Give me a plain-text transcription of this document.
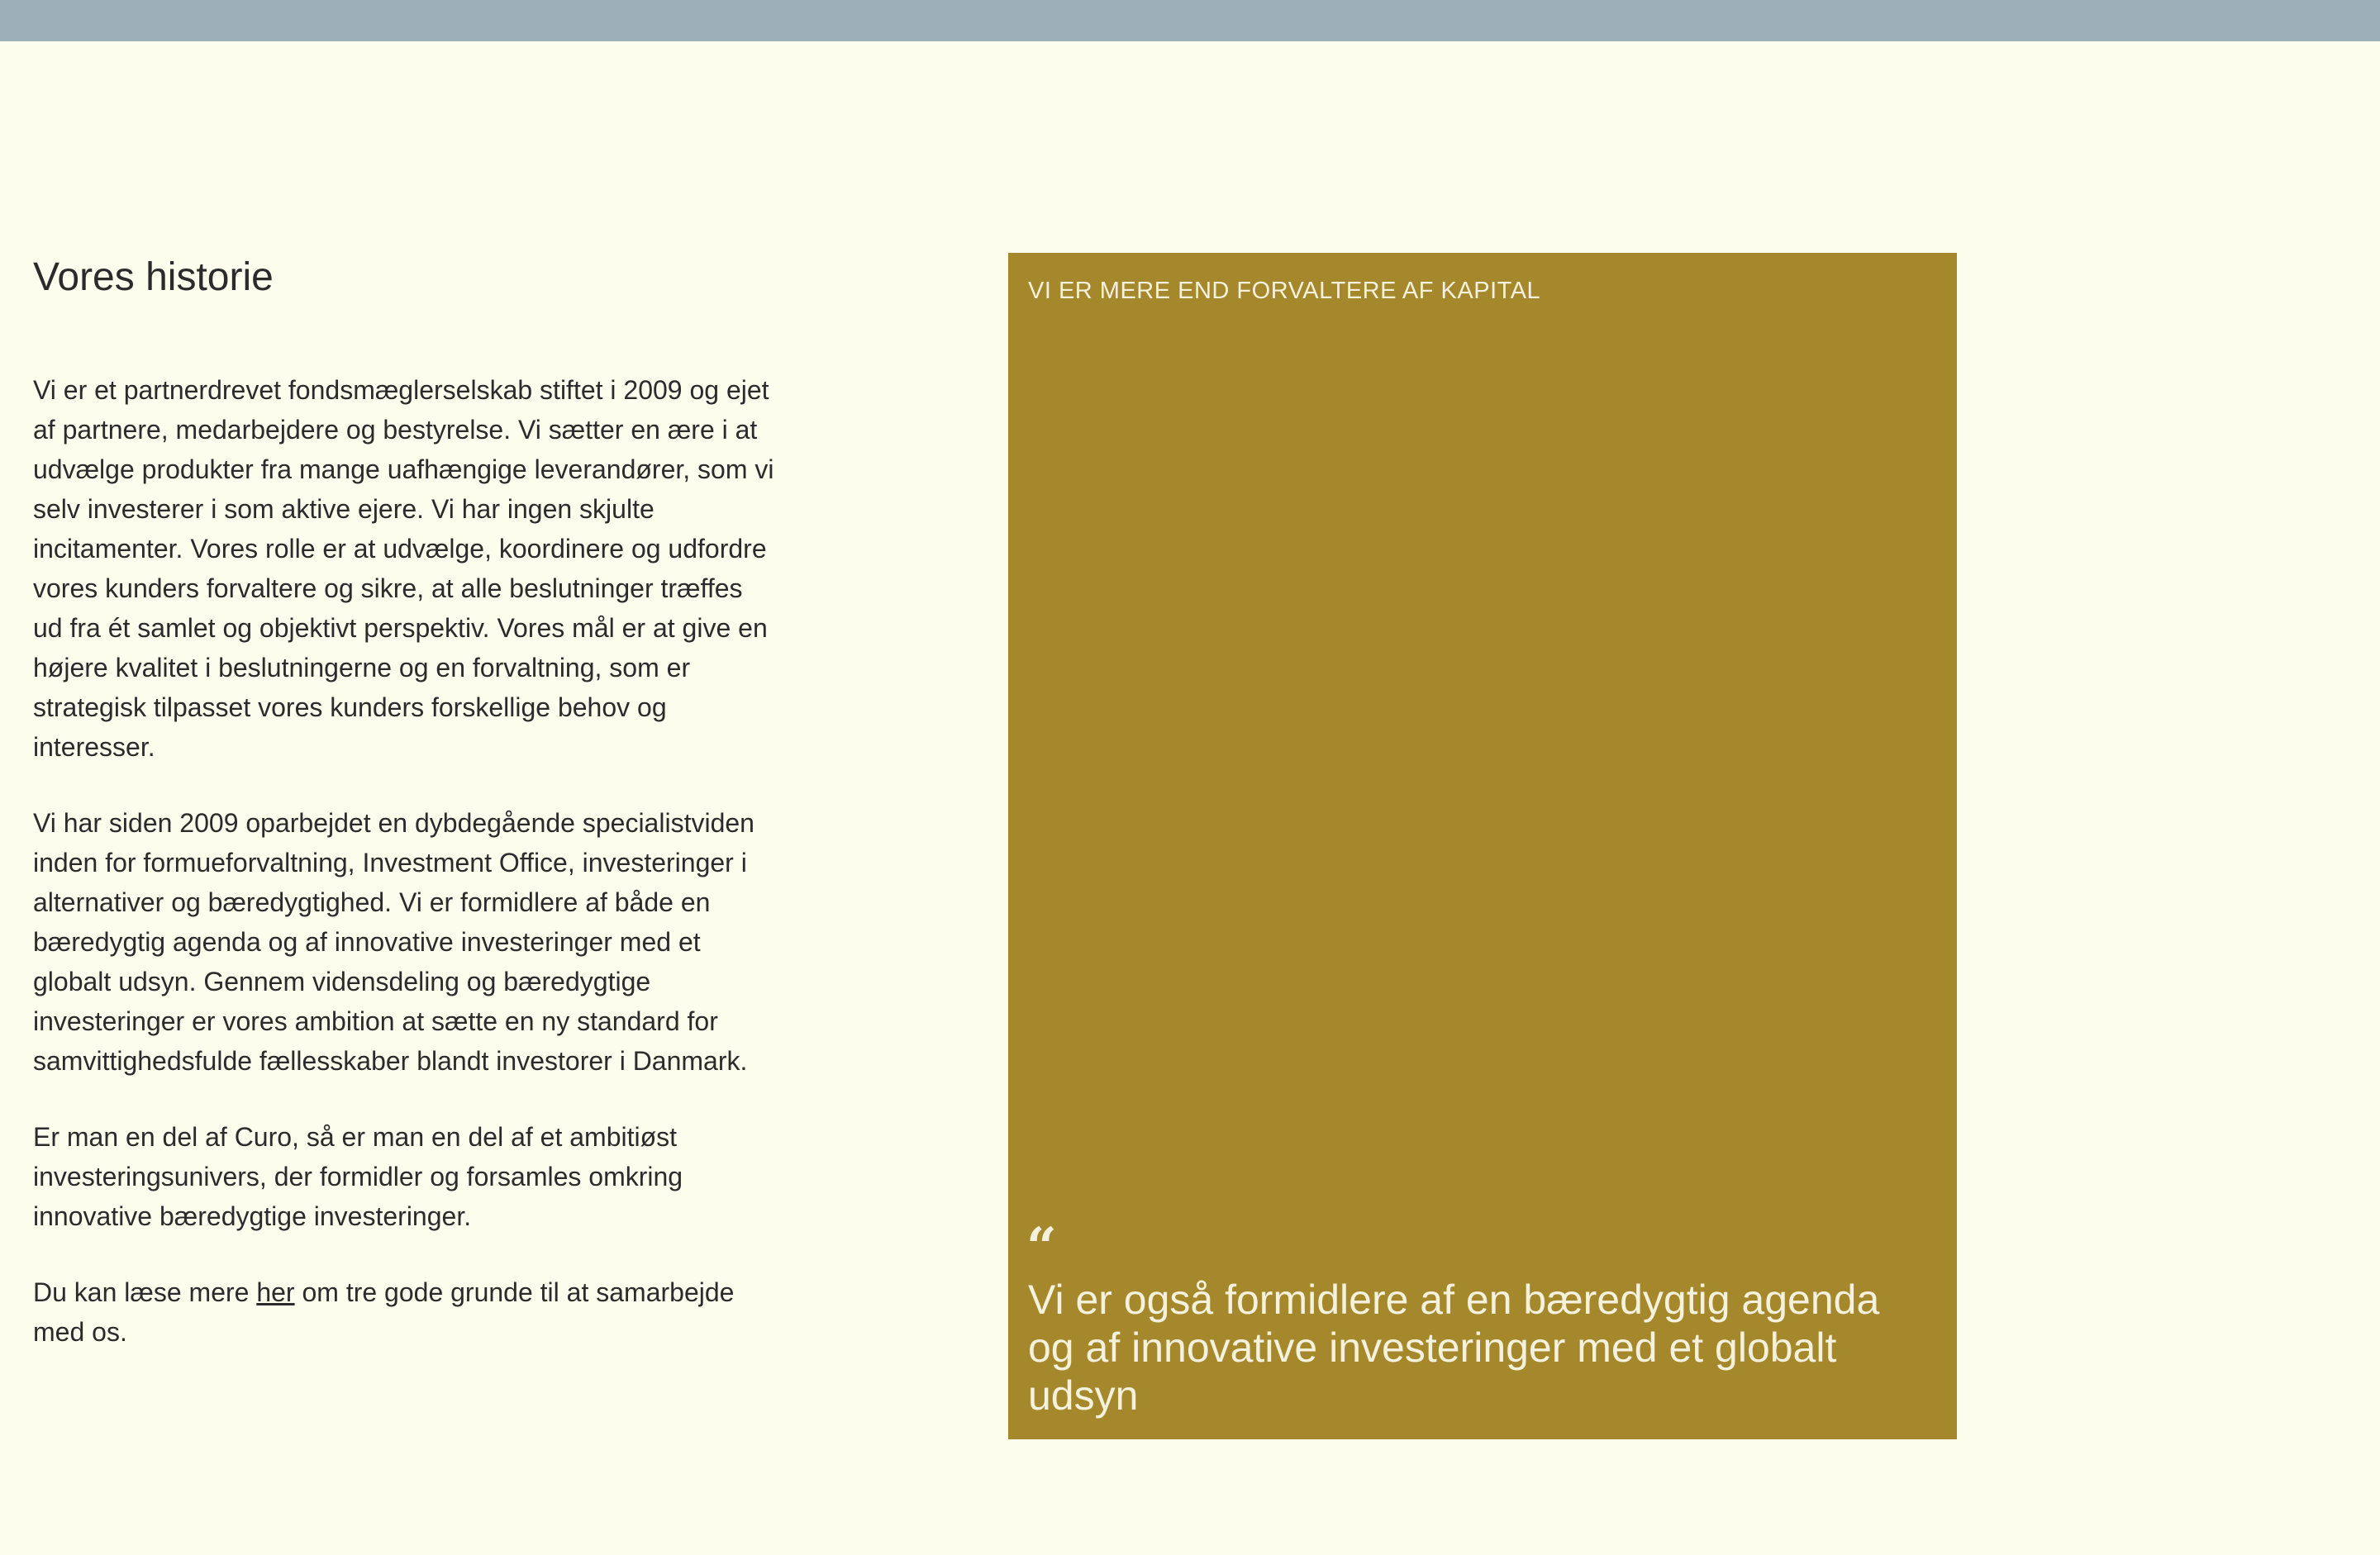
Vores historie

Vi er et partnerdrevet fondsmæglerselskab stiftet i 2009 og ejet af partnere, medarbejdere og bestyrelse. Vi sætter en ære i at udvælge produkter fra mange uafhængige leverandører, som vi selv investerer i som aktive ejere. Vi har ingen skjulte incitamenter. Vores rolle er at udvælge, koordinere og udfordre vores kunders forvaltere og sikre, at alle beslutninger træffes ud fra ét samlet og objektivt perspektiv. Vores mål er at give en højere kvalitet i beslutningerne og en forvaltning, som er strategisk tilpasset vores kunders forskellige behov og interesser.

Vi har siden 2009 oparbejdet en dybdegående specialistviden inden for formueforvaltning, Investment Office, investeringer i alternativer og bæredygtighed. Vi er formidlere af både en bæredygtig agenda og af innovative investeringer med et globalt udsyn. Gennem vidensdeling og bæredygtige investeringer er vores ambition at sætte en ny standard for samvittighedsfulde fællesskaber blandt investorer i Danmark.

Er man en del af Curo, så er man en del af et ambitiøst investeringsunivers, der formidler og forsamles omkring innovative bæredygtige investeringer.

Du kan læse mere her om tre gode grunde til at samarbejde med os.

VI ER MERE END FORVALTERE AF KAPITAL
“
Vi er også formidlere af en bæredygtig agenda og af innovative investeringer med et globalt udsyn
